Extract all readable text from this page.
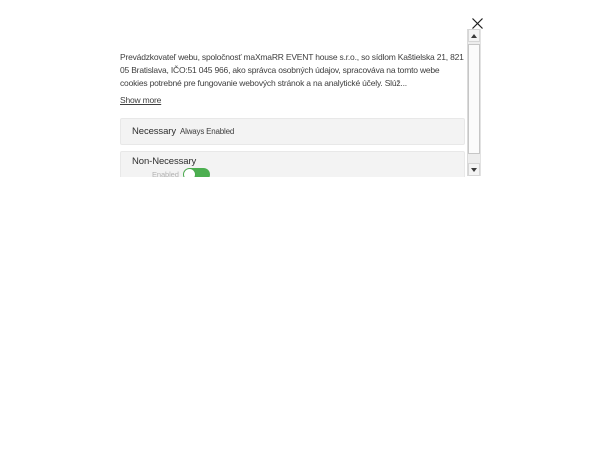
Prevádzkovateľ webu, spoločnosť maXmaRR EVENT house s.r.o., so sídlom Kaštielska 21, 821 05 Bratislava, IČO:51 045 966, ako správca osobných údajov, spracováva na tomto webe cookies potrebné pre fungovanie webových stránok a na analytické účely. Slúž...

Show more
Necessary Always Enabled
Non-Necessary
Enabled
